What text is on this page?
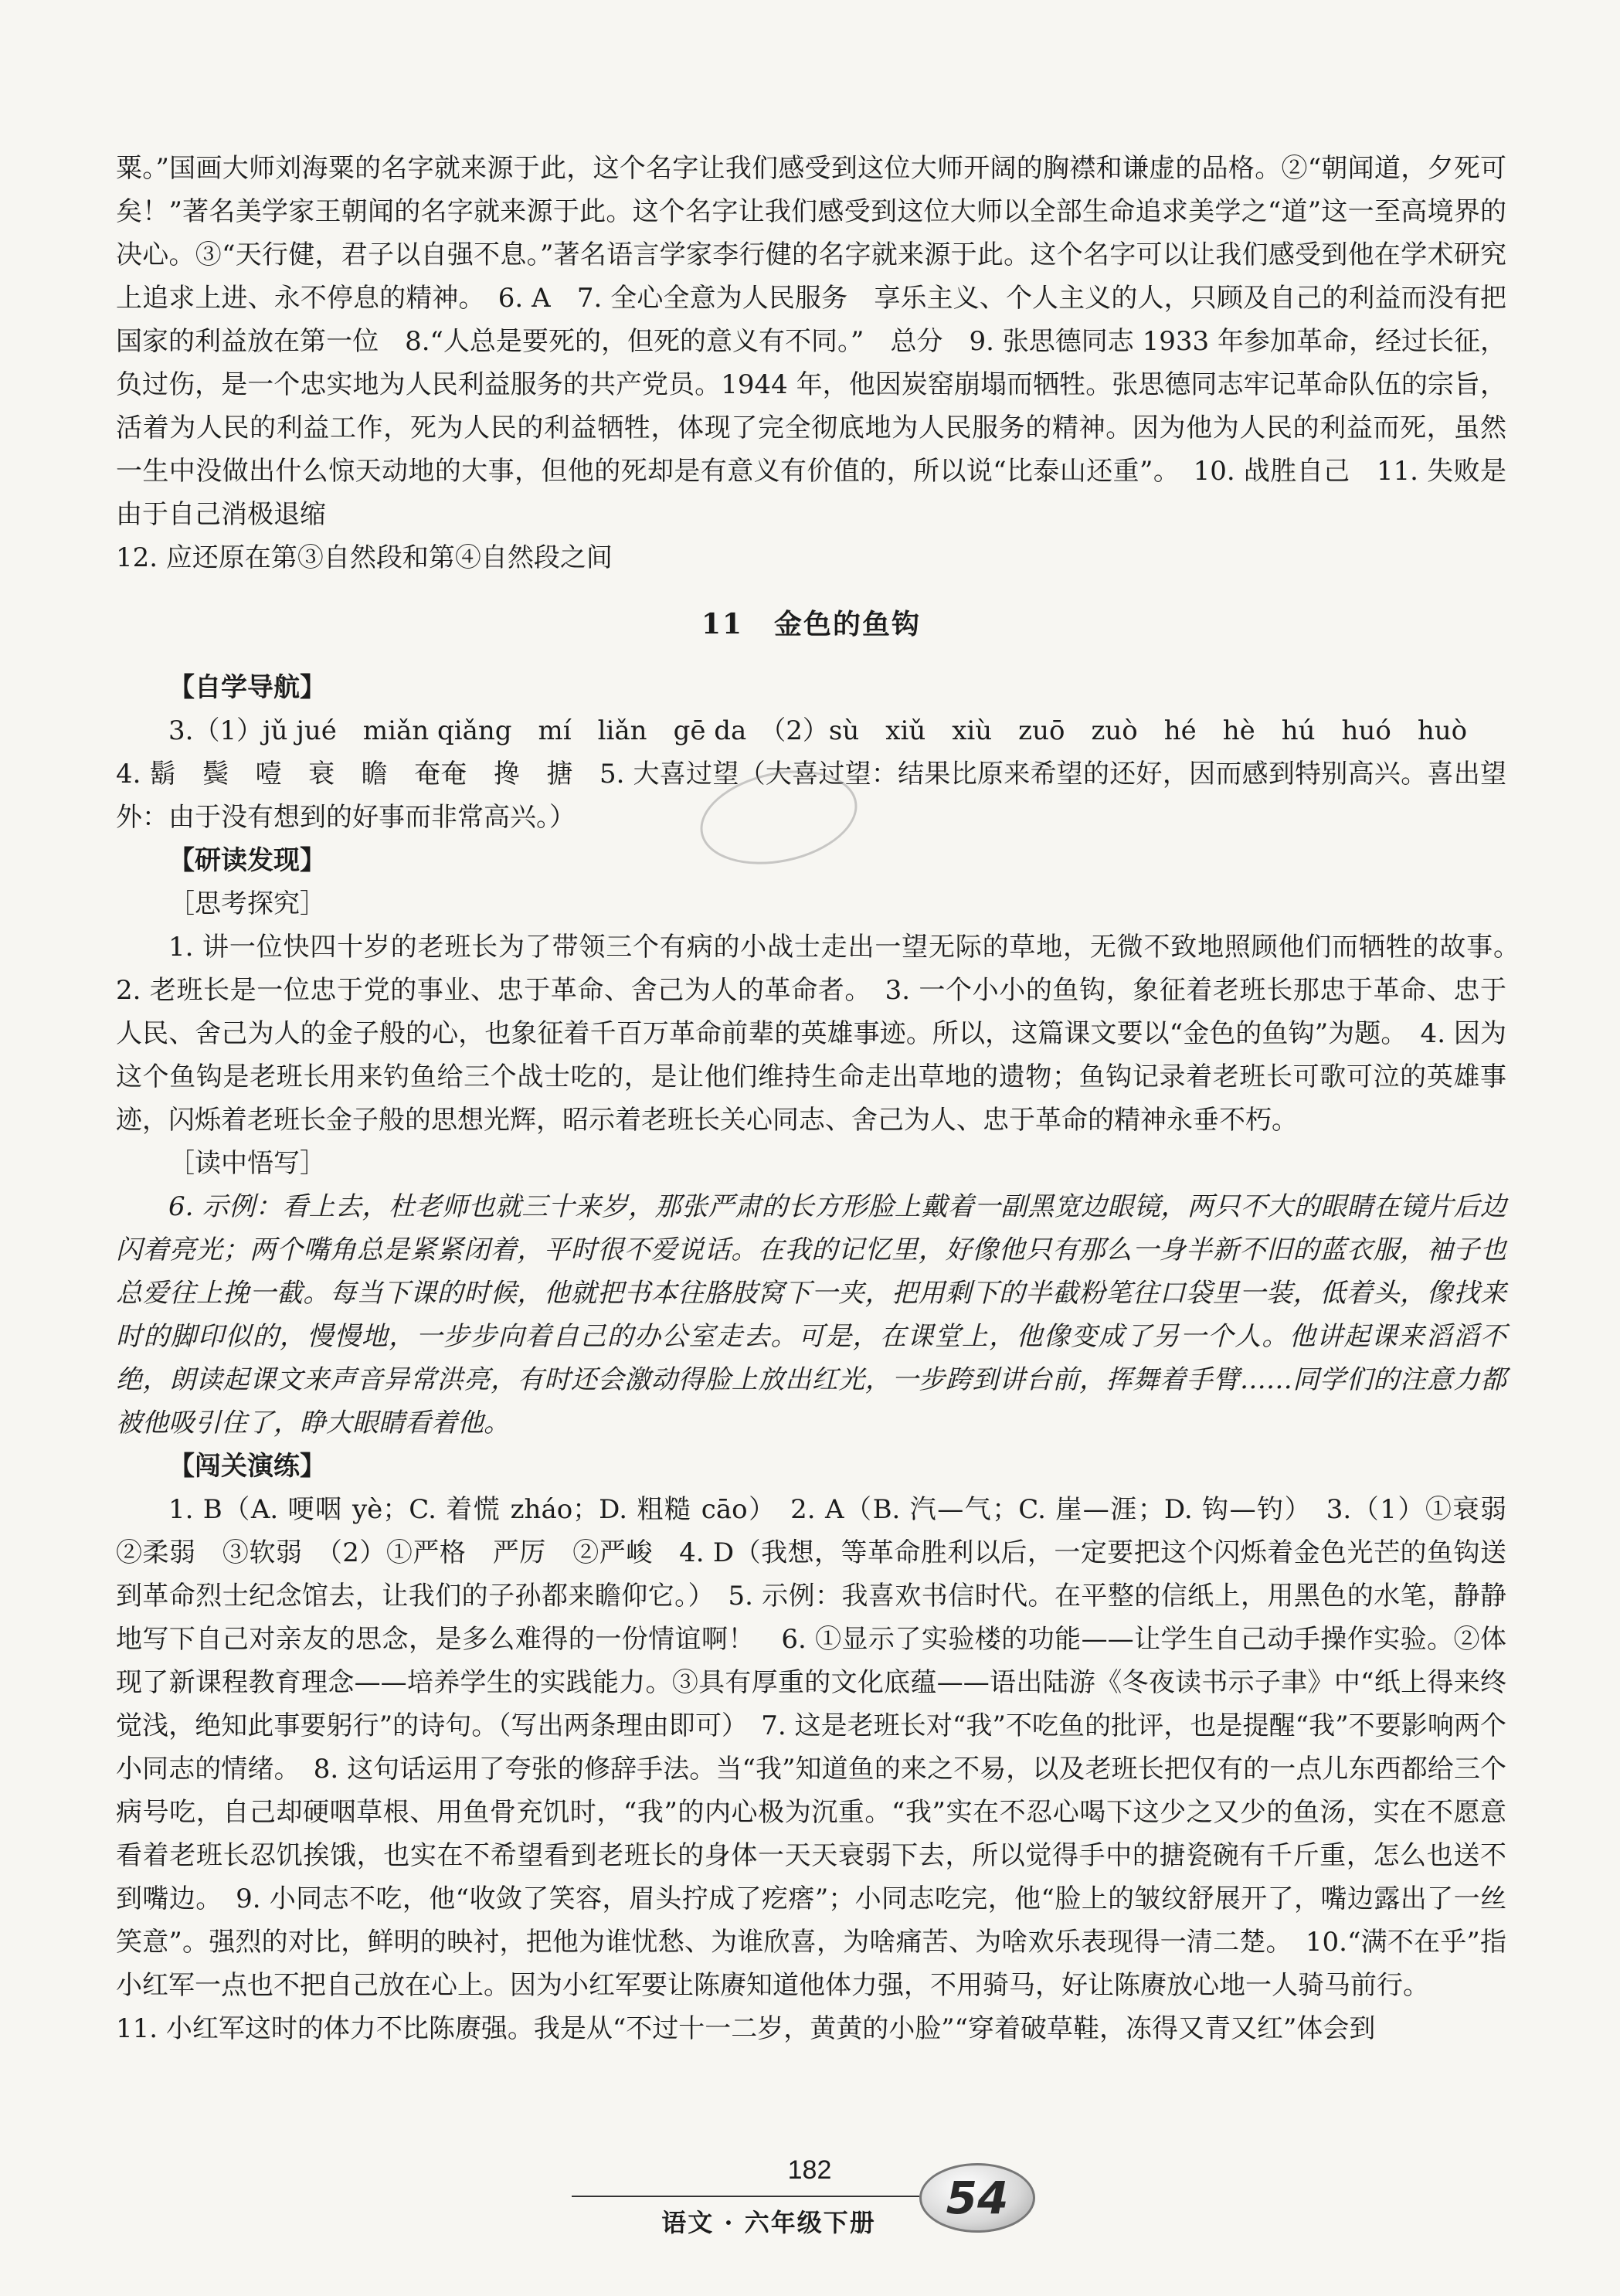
粟。”国画大师刘海粟的名字就来源于此，这个名字让我们感受到这位大师开阔的胸襟和谦虚的品格。②“朝闻道，夕死可矣！”著名美学家王朝闻的名字就来源于此。这个名字让我们感受到这位大师以全部生命追求美学之“道”这一至高境界的决心。③“天行健，君子以自强不息。”著名语言学家李行健的名字就来源于此。这个名字可以让我们感受到他在学术研究上追求上进、永不停息的精神。　6. A　7. 全心全意为人民服务　享乐主义、个人主义的人，只顾及自己的利益而没有把国家的利益放在第一位　8.“人总是要死的，但死的意义有不同。”　总分　9. 张思德同志 1933 年参加革命，经过长征，负过伤，是一个忠实地为人民利益服务的共产党员。1944 年，他因炭窑崩塌而牺牲。张思德同志牢记革命队伍的宗旨，活着为人民的利益工作，死为人民的利益牺牲，体现了完全彻底地为人民服务的精神。因为他为人民的利益而死，虽然一生中没做出什么惊天动地的大事，但他的死却是有意义有价值的，所以说“比泰山还重”。　10. 战胜自己　11. 失败是由于自己消极退缩

12. 应还原在第③自然段和第④自然段之间

11 金色的鱼钩

【自学导航】

3.（1）jǔ jué　miǎn qiǎng　mí　liǎn　gē da　（2）sù　xiǔ　xiù　zuō　zuò　hé　hè　hú　huó　huò

4. 鬍　鬓　噎　衰　瞻　奄奄　搀　搪　5. 大喜过望（大喜过望：结果比原来希望的还好，因而感到特别高兴。喜出望外：由于没有想到的好事而非常高兴。）

【研读发现】

［思考探究］

1. 讲一位快四十岁的老班长为了带领三个有病的小战士走出一望无际的草地，无微不致地照顾他们而牺牲的故事。　2. 老班长是一位忠于党的事业、忠于革命、舍己为人的革命者。　3. 一个小小的鱼钩，象征着老班长那忠于革命、忠于人民、舍己为人的金子般的心，也象征着千百万革命前辈的英雄事迹。所以，这篇课文要以“金色的鱼钩”为题。　4. 因为这个鱼钩是老班长用来钓鱼给三个战士吃的，是让他们维持生命走出草地的遗物；鱼钩记录着老班长可歌可泣的英雄事迹，闪烁着老班长金子般的思想光辉，昭示着老班长关心同志、舍己为人、忠于革命的精神永垂不朽。

［读中悟写］

6. 示例：看上去，杜老师也就三十来岁，那张严肃的长方形脸上戴着一副黑宽边眼镜，两只不大的眼睛在镜片后边闪着亮光；两个嘴角总是紧紧闭着，平时很不爱说话。在我的记忆里，好像他只有那么一身半新不旧的蓝衣服，袖子也总爱往上挽一截。每当下课的时候，他就把书本往胳肢窝下一夹，把用剩下的半截粉笔往口袋里一装，低着头，像找来时的脚印似的，慢慢地，一步步向着自己的办公室走去。可是，在课堂上，他像变成了另一个人。他讲起课来滔滔不绝，朗读起课文来声音异常洪亮，有时还会激动得脸上放出红光，一步跨到讲台前，挥舞着手臂……同学们的注意力都被他吸引住了，睁大眼睛看着他。

【闯关演练】

1. B（A. 哽咽 yè；C. 着慌 zháo；D. 粗糙 cāo）　2. A（B. 汽—气；C. 崖—涯；D. 钩—钓）　3.（1）①衰弱　②柔弱　③软弱　（2）①严格　严厉　②严峻　4. D（我想，等革命胜利以后，一定要把这个闪烁着金色光芒的鱼钩送到革命烈士纪念馆去，让我们的子孙都来瞻仰它。）　5. 示例：我喜欢书信时代。在平整的信纸上，用黑色的水笔，静静地写下自己对亲友的思念，是多么难得的一份情谊啊！　6. ①显示了实验楼的功能——让学生自己动手操作实验。②体现了新课程教育理念——培养学生的实践能力。③具有厚重的文化底蕴——语出陆游《冬夜读书示子聿》中“纸上得来终觉浅，绝知此事要躬行”的诗句。（写出两条理由即可）　7. 这是老班长对“我”不吃鱼的批评，也是提醒“我”不要影响两个小同志的情绪。　8. 这句话运用了夸张的修辞手法。当“我”知道鱼的来之不易，以及老班长把仅有的一点儿东西都给三个病号吃，自己却硬咽草根、用鱼骨充饥时，“我”的内心极为沉重。“我”实在不忍心喝下这少之又少的鱼汤，实在不愿意看着老班长忍饥挨饿，也实在不希望看到老班长的身体一天天衰弱下去，所以觉得手中的搪瓷碗有千斤重，怎么也送不到嘴边。　9. 小同志不吃，他“收敛了笑容，眉头拧成了疙瘩”；小同志吃完，他“脸上的皱纹舒展开了，嘴边露出了一丝笑意”。强烈的对比，鲜明的映衬，把他为谁忧愁、为谁欣喜，为啥痛苦、为啥欢乐表现得一清二楚。　10.“满不在乎”指小红军一点也不把自己放在心上。因为小红军要让陈赓知道他体力强，不用骑马，好让陈赓放心地一人骑马前行。

11. 小红军这时的体力不比陈赓强。我是从“不过十一二岁，黄黄的小脸”“穿着破草鞋，冻得又青又红”体会到

182
语文 · 六年级下册	54
